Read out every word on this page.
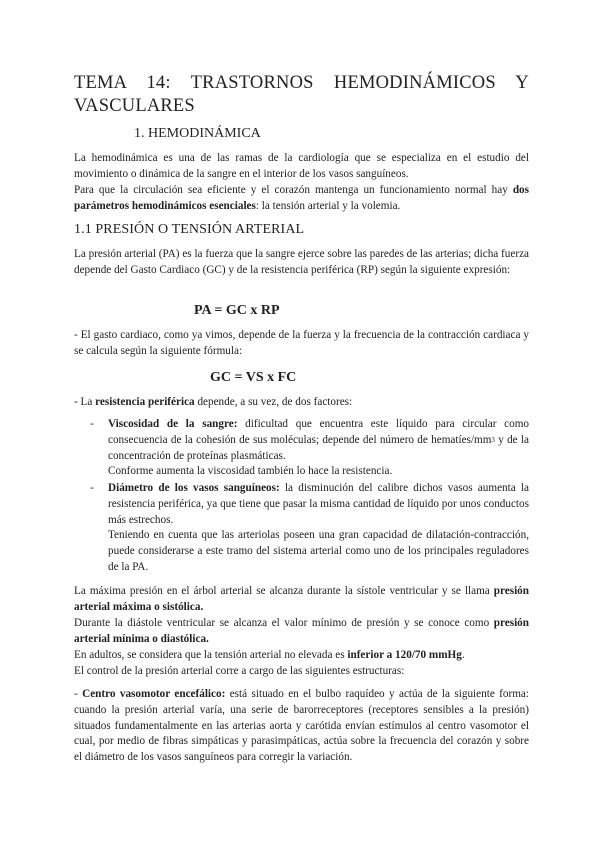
TEMA 14: TRASTORNOS HEMODINÁMICOS Y VASCULARES
1. HEMODINÁMICA

La hemodinámica es una de las ramas de la cardiología que se especializa en el estudio del movimiento o dinámica de la sangre en el interior de los vasos sanguíneos.

Para que la circulación sea eficiente y el corazón mantenga un funcionamiento normal hay dos parámetros hemodinámicos esenciales: la tensión arterial y la volemia.

1.1 PRESIÓN O TENSIÓN ARTERIAL

La presión arterial (PA) es la fuerza que la sangre ejerce sobre las paredes de las arterias; dicha fuerza depende del Gasto Cardiaco (GC) y de la resistencia periférica (RP) según la siguiente expresión:

PA = GC x RP

- El gasto cardiaco, como ya vimos, depende de la fuerza y la frecuencia de la contracción cardiaca y se calcula según la siguiente fórmula:

GC = VS x FC

- La resistencia periférica depende, a su vez, de dos factores:

- Viscosidad de la sangre: dificultad que encuentra este líquido para circular como consecuencia de la cohesión de sus moléculas; depende del número de hematíes/$mm^3$ y de la concentración de proteínas plasmáticas.
Conforme aumenta la viscosidad también lo hace la resistencia.
- Diámetro de los vasos sanguíneos: la disminución del calibre dichos vasos aumenta la resistencia periférica, ya que tiene que pasar la misma cantidad de líquido por unos conductos más estrechos.
Teniendo en cuenta que las arteriolas poseen una gran capacidad de dilatación-contracción, puede considerarse a este tramo del sistema arterial como uno de los principales reguladores de la PA.

La máxima presión en el árbol arterial se alcanza durante la sístole ventricular y se llama presión arterial máxima o sistólica.

Durante la diástole ventricular se alcanza el valor mínimo de presión y se conoce como presión arterial mínima o diastólica.

En adultos, se considera que la tensión arterial no elevada es inferior a 120/70 mmHg.

El control de la presión arterial corre a cargo de las siguientes estructuras:

- Centro vasomotor encefálico: está situado en el bulbo raquídeo y actúa de la siguiente forma: cuando la presión arterial varía, una serie de barorreceptores (receptores sensibles a la presión) situados fundamentalmente en las arterias aorta y carótida envían estímulos al centro vasomotor el cual, por medio de fibras simpáticas y parasimpáticas, actúa sobre la frecuencia del corazón y sobre el diámetro de los vasos sanguíneos para corregir la variación.
